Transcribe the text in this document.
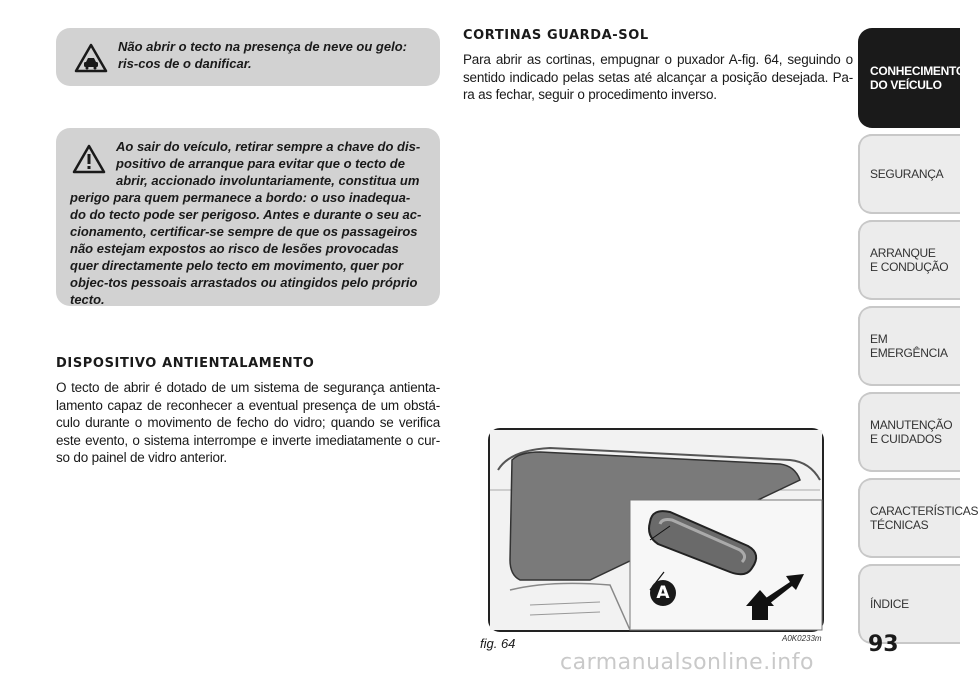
Não abrir o tecto na presença de neve ou gelo: ris-cos de o danificar.
Ao sair do veículo, retirar sempre a chave do dis-positivo de arranque para evitar que o tecto de abrir, accionado involuntariamente, constitua um
perigo para quem permanece a bordo: o uso inadequa-do do tecto pode ser perigoso. Antes e durante o seu ac-cionamento, certificar-se sempre de que os passageiros não estejam expostos ao risco de lesões provocadas quer directamente pelo tecto em movimento, quer por objec-tos pessoais arrastados ou atingidos pelo próprio tecto.
DISPOSITIVO ANTIENTALAMENTO

O tecto de abrir é dotado de um sistema de segurança antienta-lamento capaz de reconhecer a eventual presença de um obstá-culo durante o movimento de fecho do vidro; quando se verifica este evento, o sistema interrompe e inverte imediatamente o cur-so do painel de vidro anterior.

CORTINAS GUARDA-SOL

Para abrir as cortinas, empugnar o puxador A-fig. 64, seguindo o sentido indicado pelas setas até alcançar a posição desejada. Pa-ra as fechar, seguir o procedimento inverso.

A
fig. 64	A0K0233m
CONHECIMENTO
DO VEÍCULO
SEGURANÇA
ARRANQUE
E CONDUÇÃO
EM EMERGÊNCIA
MANUTENÇÃO
E CUIDADOS
CARACTERÍSTICAS
TÉCNICAS
ÍNDICE
93
carmanualsonline.info
